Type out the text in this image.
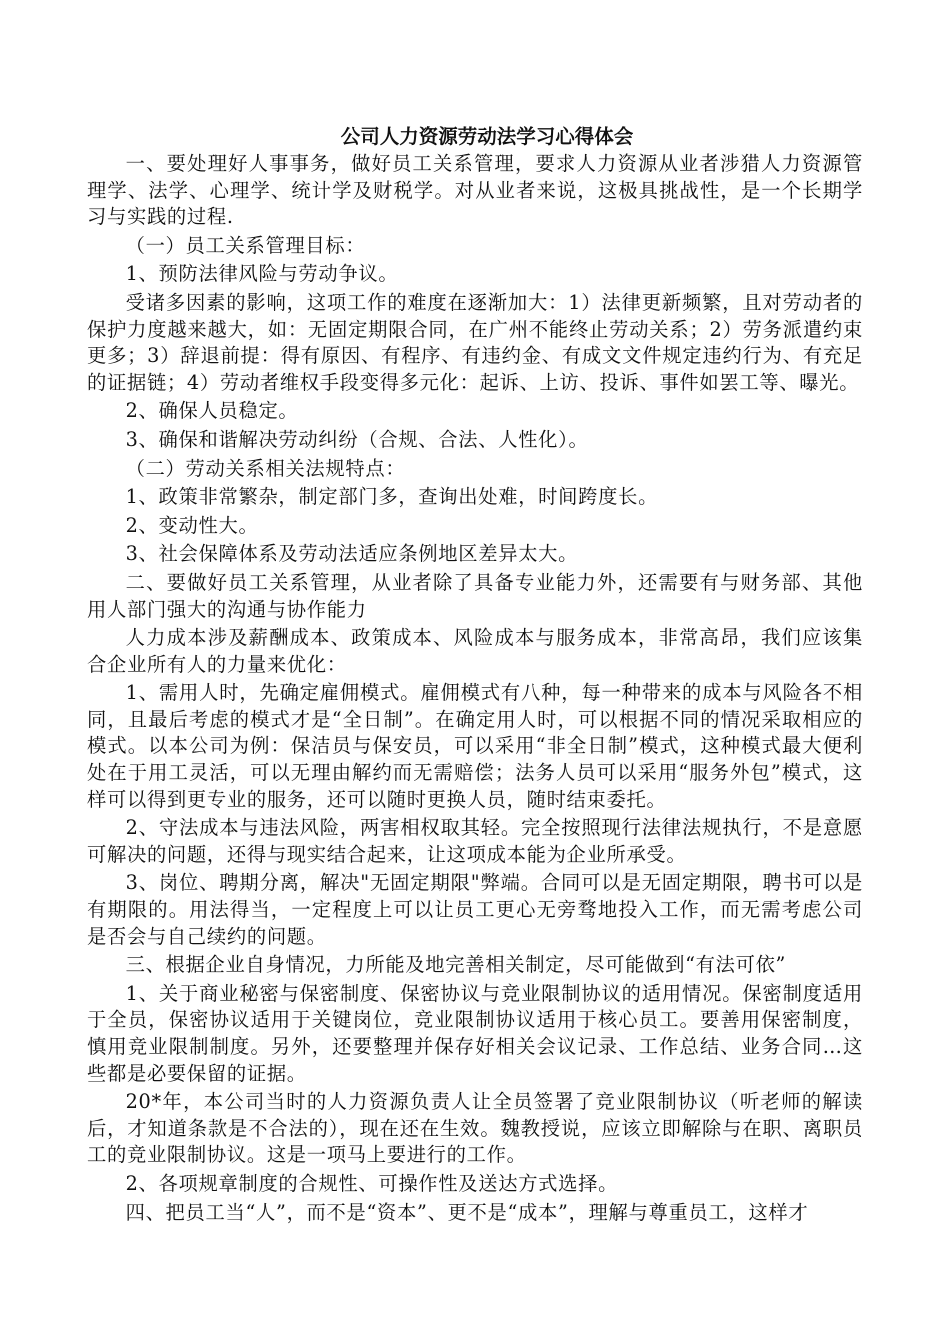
公司人力资源劳动法学习心得体会

一、要处理好人事事务，做好员工关系管理，要求人力资源从业者涉猎人力资源管理学、法学、心理学、统计学及财税学。对从业者来说，这极具挑战性，是一个长期学习与实践的过程.

（一）员工关系管理目标：

1、预防法律风险与劳动争议。

受诸多因素的影响，这项工作的难度在逐渐加大：1）法律更新频繁，且对劳动者的保护力度越来越大，如：无固定期限合同，在广州不能终止劳动关系；2）劳务派遣约束更多；3）辞退前提：得有原因、有程序、有违约金、有成文文件规定违约行为、有充足的证据链；4）劳动者维权手段变得多元化：起诉、上访、投诉、事件如罢工等、曝光。

2、确保人员稳定。

3、确保和谐解决劳动纠纷（合规、合法、人性化）。

（二）劳动关系相关法规特点：

1、政策非常繁杂，制定部门多，查询出处难，时间跨度长。

2、变动性大。

3、社会保障体系及劳动法适应条例地区差异太大。

二、要做好员工关系管理，从业者除了具备专业能力外，还需要有与财务部、其他用人部门强大的沟通与协作能力

人力成本涉及薪酬成本、政策成本、风险成本与服务成本，非常高昂，我们应该集合企业所有人的力量来优化：

1、需用人时，先确定雇佣模式。雇佣模式有八种，每一种带来的成本与风险各不相同，且最后考虑的模式才是“全日制”。在确定用人时，可以根据不同的情况采取相应的模式。以本公司为例：保洁员与保安员，可以采用“非全日制”模式，这种模式最大便利处在于用工灵活，可以无理由解约而无需赔偿；法务人员可以采用“服务外包”模式，这样可以得到更专业的服务，还可以随时更换人员，随时结束委托。

2、守法成本与违法风险，两害相权取其轻。完全按照现行法律法规执行，不是意愿可解决的问题，还得与现实结合起来，让这项成本能为企业所承受。

3、岗位、聘期分离，解决"无固定期限"弊端。合同可以是无固定期限，聘书可以是有期限的。用法得当，一定程度上可以让员工更心无旁骛地投入工作，而无需考虑公司是否会与自己续约的问题。

三、根据企业自身情况，力所能及地完善相关制定，尽可能做到“有法可依”

1、关于商业秘密与保密制度、保密协议与竞业限制协议的适用情况。保密制度适用于全员，保密协议适用于关键岗位，竞业限制协议适用于核心员工。要善用保密制度，慎用竞业限制制度。另外，还要整理并保存好相关会议记录、工作总结、业务合同…这些都是必要保留的证据。

20*年，本公司当时的人力资源负责人让全员签署了竞业限制协议（听老师的解读后，才知道条款是不合法的），现在还在生效。魏教授说，应该立即解除与在职、离职员工的竞业限制协议。这是一项马上要进行的工作。

2、各项规章制度的合规性、可操作性及送达方式选择。

四、把员工当“人”，而不是“资本”、更不是“成本”，理解与尊重员工，这样才
